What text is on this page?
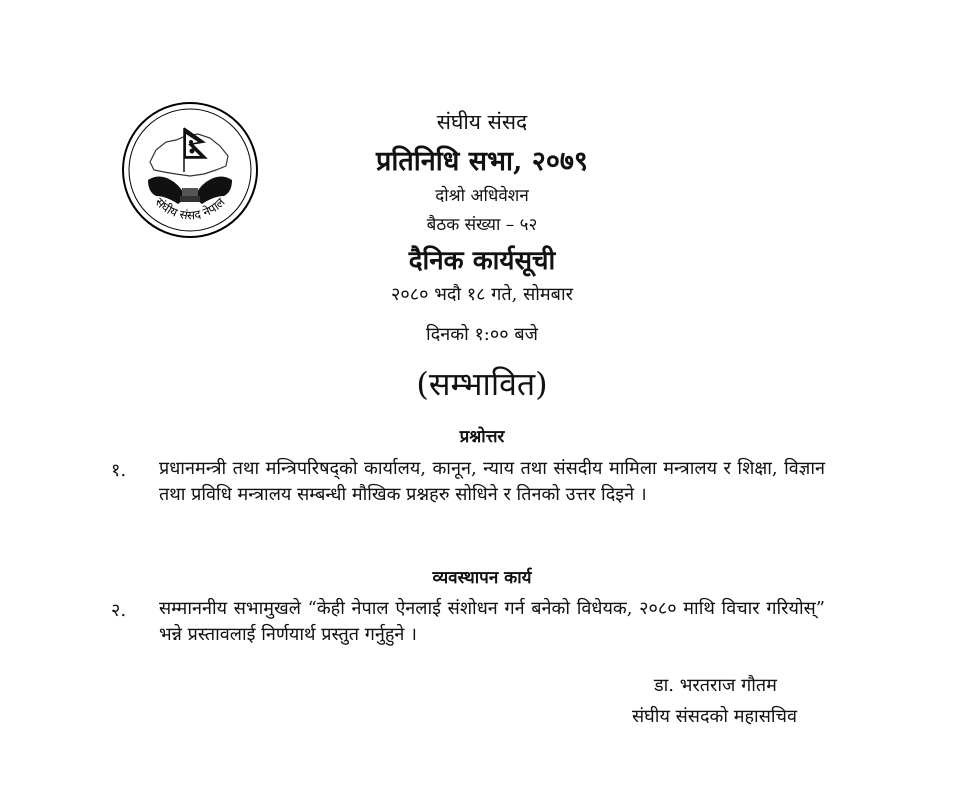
संघीय संसद नेपाल
संघीय संसद
प्रतिनिधि सभा, २०७९
दोश्रो अधिवेशन
बैठक संख्या – ५२
दैनिक कार्यसूची
२०८० भदौ १८ गते, सोमबार
दिनको १:०० बजे
(सम्भावित)
प्रश्नोत्तर
१. प्रधानमन्त्री तथा मन्त्रिपरिषद्को कार्यालय, कानून, न्याय तथा संसदीय मामिला मन्त्रालय र शिक्षा, विज्ञान तथा प्रविधि मन्त्रालय सम्बन्धी मौखिक प्रश्नहरु सोधिने र तिनको उत्तर दिइने ।
व्यवस्थापन कार्य
२. सम्माननीय सभामुखले “केही नेपाल ऐनलाई संशोधन गर्न बनेको विधेयक, २०८० माथि विचार गरियोस्” भन्ने प्रस्तावलाई निर्णयार्थ प्रस्तुत गर्नुहुने ।
डा. भरतराज गौतम
संघीय संसदको महासचिव
